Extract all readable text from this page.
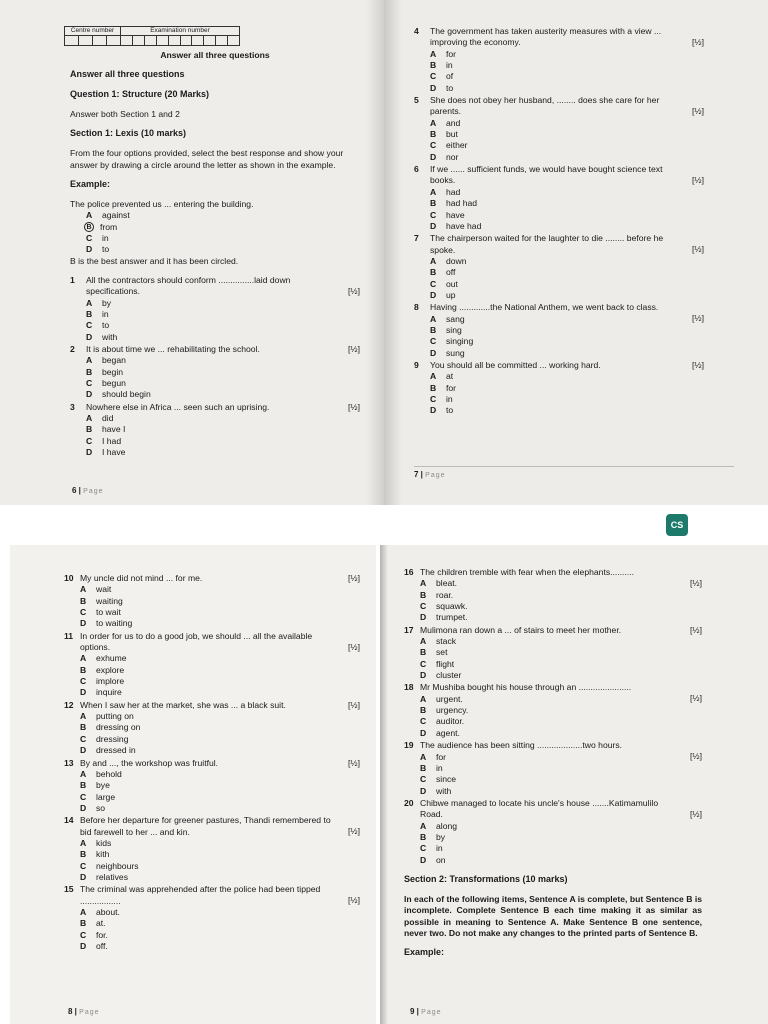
Centre number	Examination number
Answer all three questions
Answer all three questions
Question 1: Structure (20 Marks)
Answer both Section 1 and 2
Section 1: Lexis (10 marks)
From the four options provided, select the best response and show your answer by drawing a circle around the letter as shown in the example.
Example:
The police prevented us ... entering the building.
A	against
B from
C	in
D	to
B is the best answer and it has been circled.
1 All the contractors should conform ...............laid down specifications.	[½]
A	by
B	in
C	to
D	with
2 It is about time we ... rehabilitating the school.	[½]
A	began
B	begin
C	begun
D	should begin
3 Nowhere else in Africa ... seen such an uprising.	[½]
A	did
B	have I
C	I had
D	I have
6 | Page
4 The government has taken austerity measures with a view ... improving the economy.	[½]
A	for
B	in
C	of
D	to
5 She does not obey her husband, ........ does she care for her parents.	[½]
A	and
B	but
C	either
D	nor
6 If we ...... sufficient funds, we would have bought science text books.	[½]
A	had
B	had had
C	have
D	have had
7 The chairperson waited for the laughter to die ........ before he spoke.	[½]
A	down
B	off
C	out
D	up
8 Having .............the National Anthem, we went back to class.
[½]
A	sang
B	sing
C	singing
D	sung
9 You should all be committed ... working hard.	[½]
A	at
B	for
C	in
D	to
7 | Page
CS
10 My uncle did not mind ... for me.	[½]
A	wait
B	waiting
C	to wait
D	to waiting
11 In order for us to do a good job, we should ... all the available options.	[½]
A	exhume
B	explore
C	implore
D	inquire
12 When I saw her at the market, she was ... a black suit.	[½]
A	putting on
B	dressing on
C	dressing
D	dressed in
13 By and ..., the workshop was fruitful.	[½]
A	behold
B	bye
C	large
D	so
14 Before her departure for greener pastures, Thandi remembered to bid farewell to her ... and kin.	[½]
A	kids
B	kith
C	neighbours
D	relatives
15 The criminal was apprehended after the police had been tipped .................	[½]
A	about.
B	at.
C	for.
D	off.
8 | Page
16 The children tremble with fear when the elephants..........
[½]
A	bleat.
B	roar.
C	squawk.
D	trumpet.
17 Mulimona ran down a ... of stairs to meet her mother.	[½]
A	stack
B	set
C	flight
D	cluster
18 Mr Mushiba bought his house through an ......................
[½]
A	urgent.
B	urgency.
C	auditor.
D	agent.
19 The audience has been sitting ...................two hours.
[½]
A	for
B	in
C	since
D	with
20 Chibwe managed to locate his uncle's house .......Katimamulilo Road.	[½]
A	along
B	by
C	in
D	on
Section 2: Transformations (10 marks)
In each of the following items, Sentence A is complete, but Sentence B is incomplete. Complete Sentence B each time making it as similar as possible in meaning to Sentence A. Make Sentence B one sentence, never two. Do not make any changes to the printed parts of Sentence B.
Example:
9 | Page
